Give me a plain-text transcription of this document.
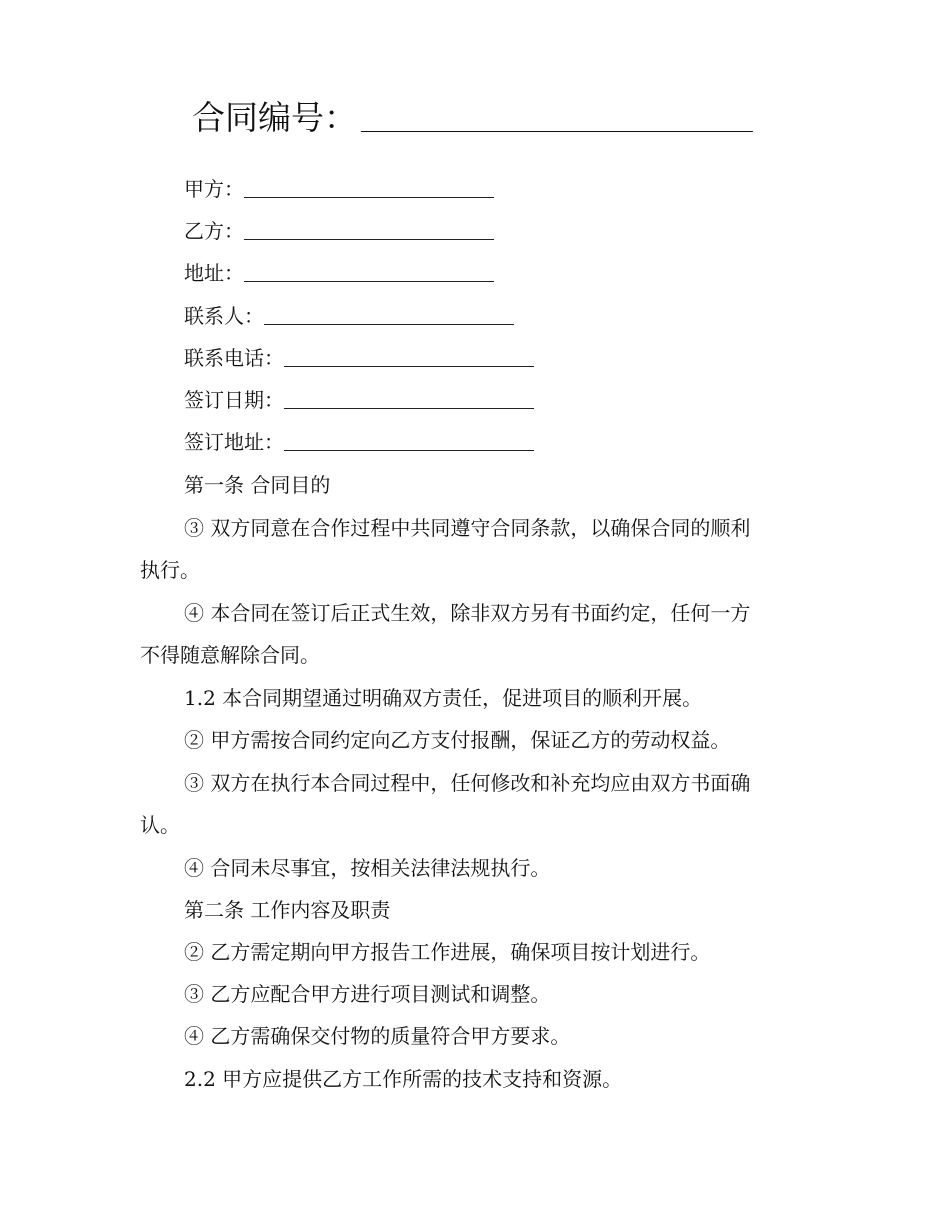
合同编号：
甲方：
乙方：
地址：
联系人：
联系电话：
签订日期：
签订地址：
第一条 合同目的
③ 双方同意在合作过程中共同遵守合同条款，以确保合同的顺利
执行。
④ 本合同在签订后正式生效，除非双方另有书面约定，任何一方
不得随意解除合同。
1.2 本合同期望通过明确双方责任，促进项目的顺利开展。
② 甲方需按合同约定向乙方支付报酬，保证乙方的劳动权益。
③ 双方在执行本合同过程中，任何修改和补充均应由双方书面确
认。
④ 合同未尽事宜，按相关法律法规执行。
第二条 工作内容及职责
② 乙方需定期向甲方报告工作进展，确保项目按计划进行。
③ 乙方应配合甲方进行项目测试和调整。
④ 乙方需确保交付物的质量符合甲方要求。
2.2 甲方应提供乙方工作所需的技术支持和资源。
